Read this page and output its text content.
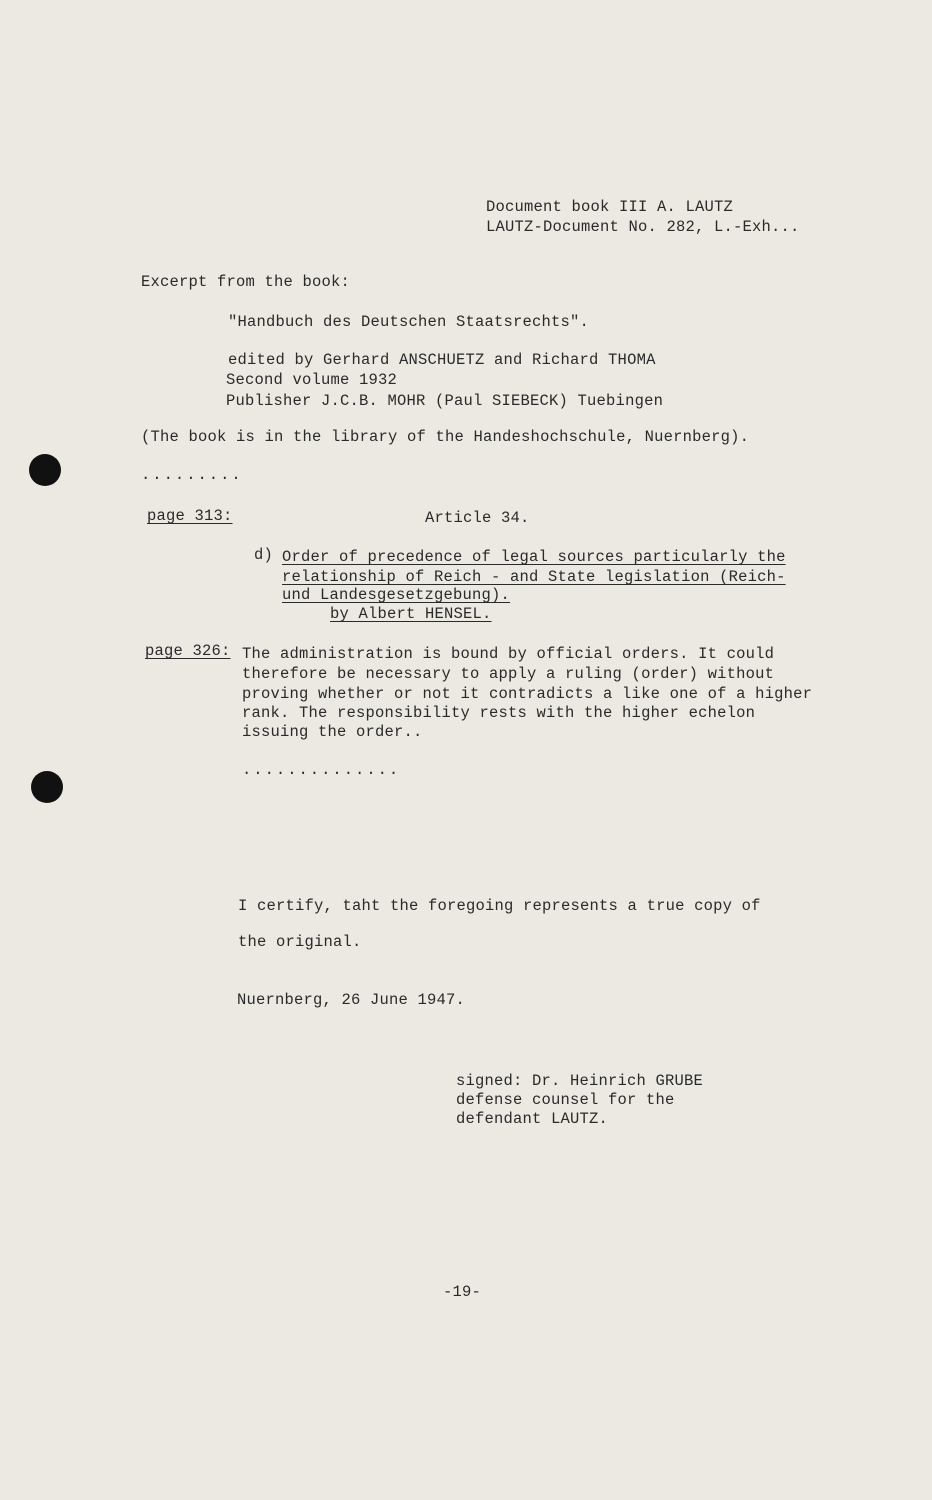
Document book III A. LAUTZ
LAUTZ-Document No. 282, L.-Exh...
Excerpt from the book:
"Handbuch des Deutschen Staatsrechts".
edited by Gerhard ANSCHUETZ and Richard THOMA
Second volume 1932
Publisher J.C.B. MOHR (Paul SIEBECK) Tuebingen
(The book is in the library of the Handeshochschule, Nuernberg).
.........
page 313:	Article 34.
d) Order of precedence of legal sources particularly the
relationship of Reich - and State legislation (Reich-
und Landesgesetzgebung).
by Albert HENSEL.
page 326: The administration is bound by official orders. It could
therefore be necessary to apply a ruling (order) without
proving whether or not it contradicts a like one of a higher
rank. The responsibility rests with the higher echelon
issuing the order..
..............
I certify, taht the foregoing represents a true copy of
the original.
Nuernberg, 26 June 1947.
signed: Dr. Heinrich GRUBE
defense counsel for the
defendant LAUTZ.
-19-
